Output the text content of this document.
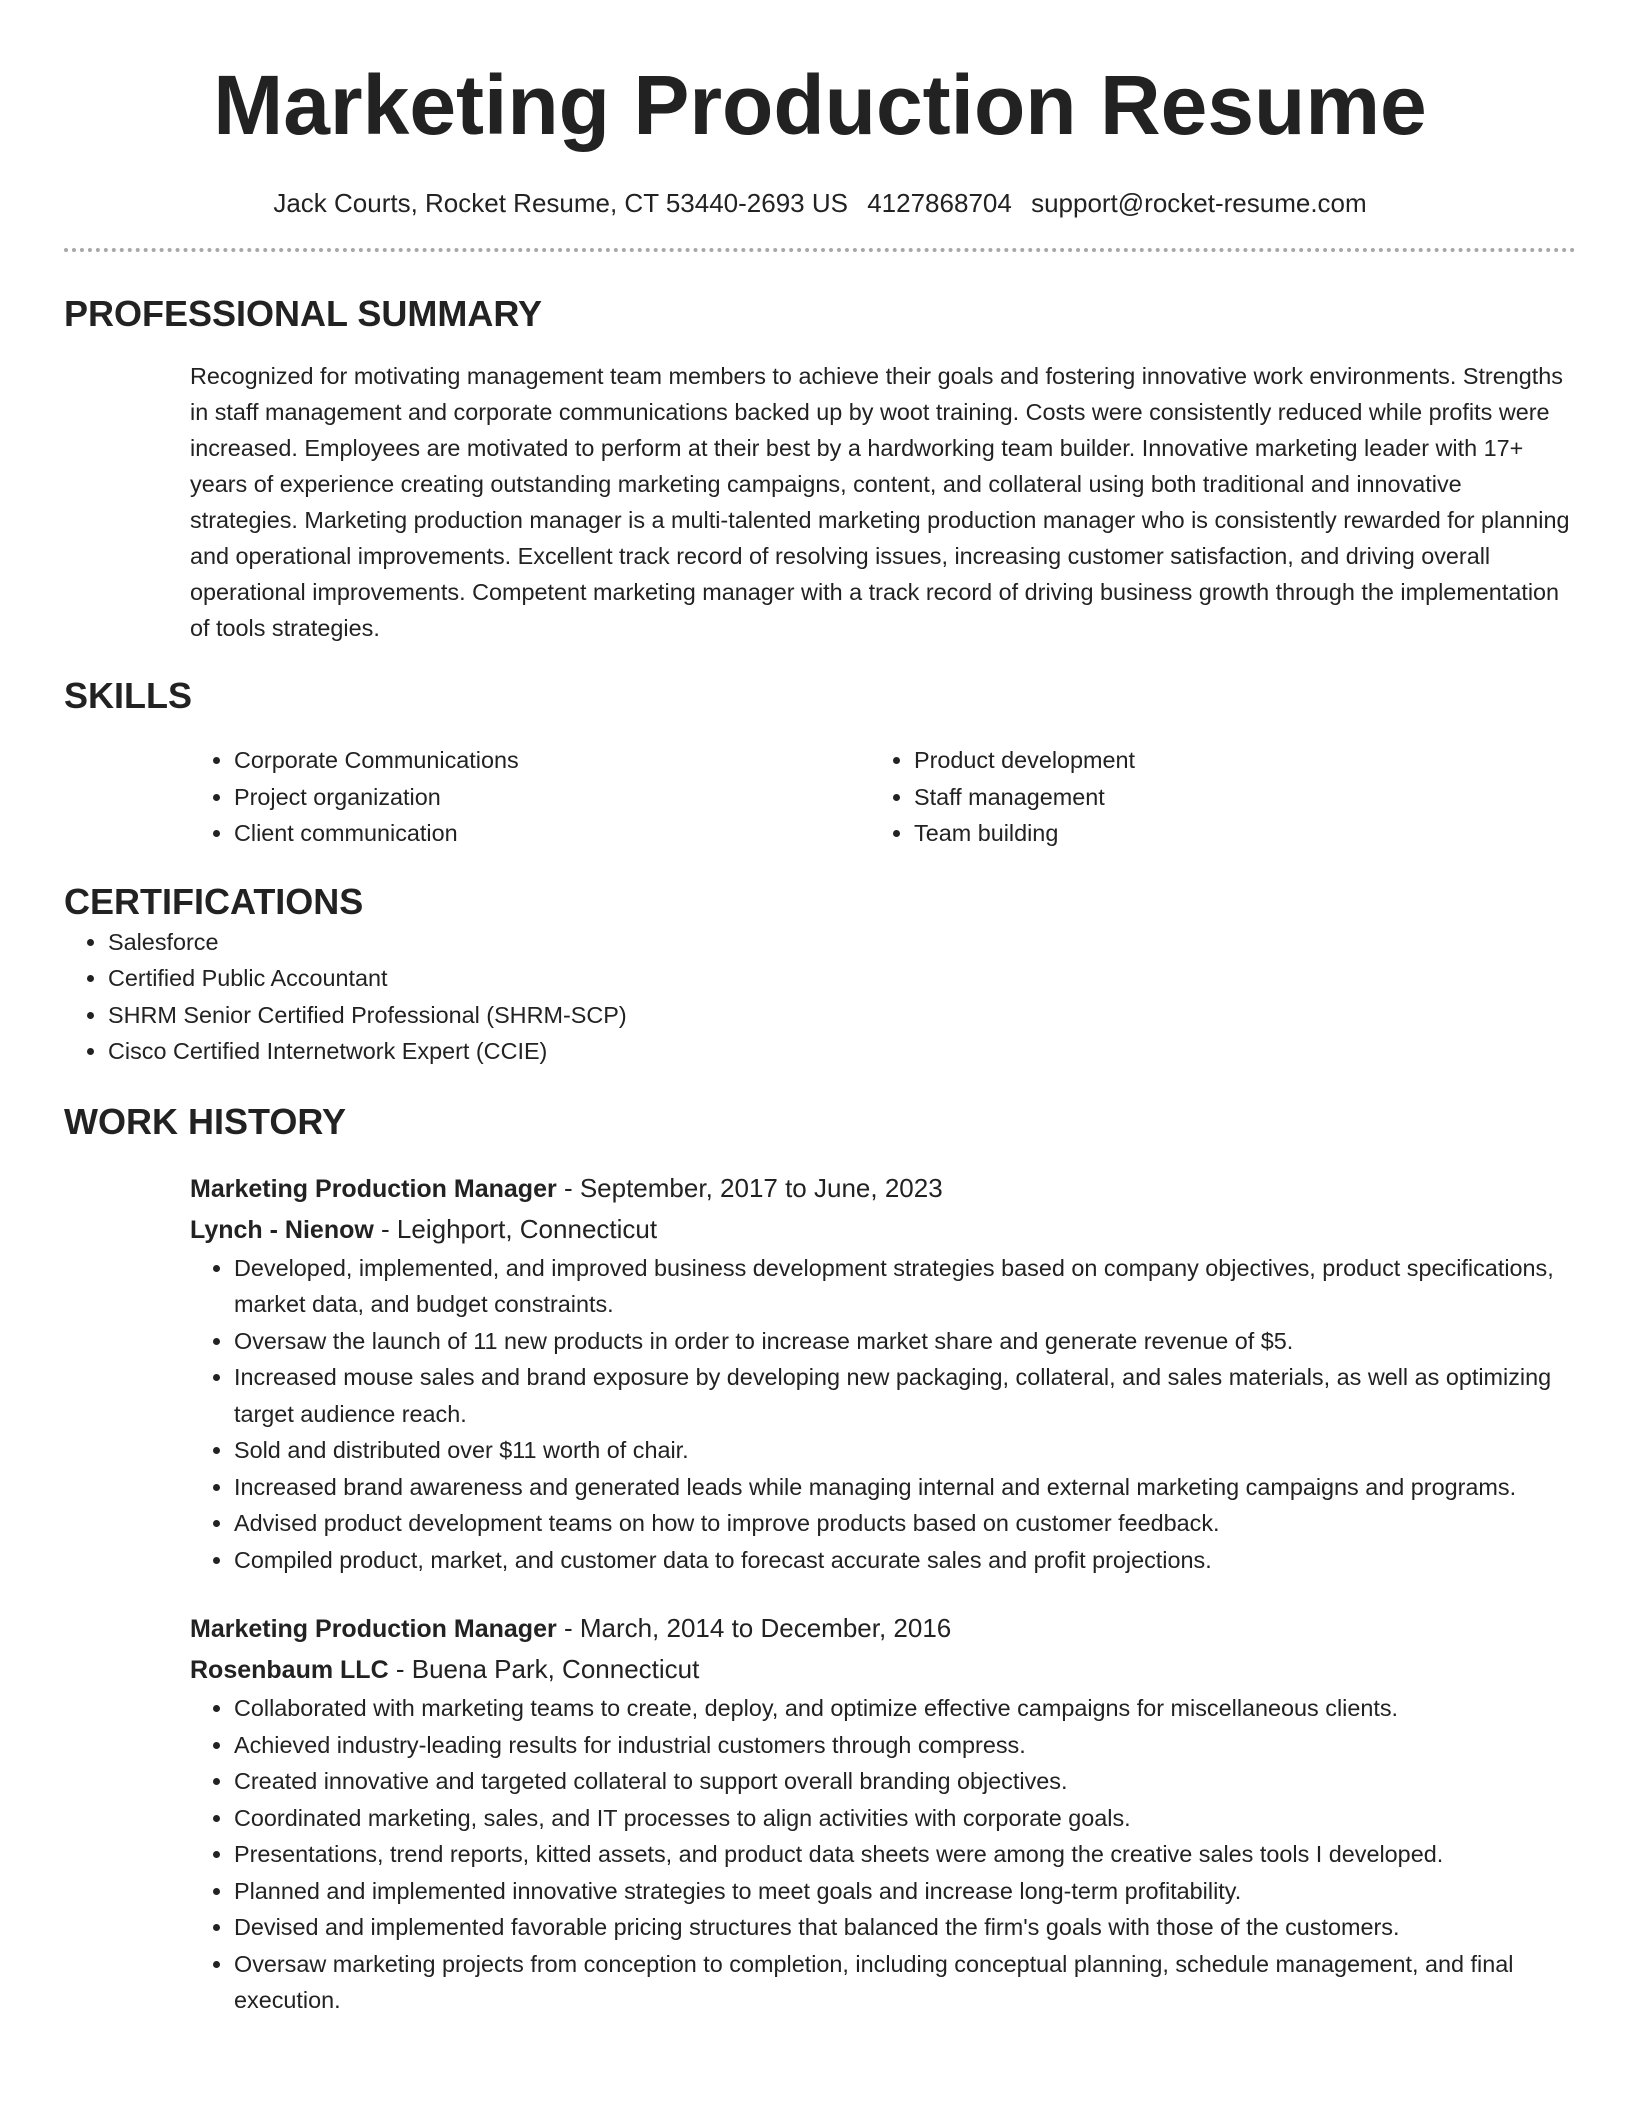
Marketing Production Resume
Jack Courts, Rocket Resume, CT 53440-2693 US 4127868704 support@rocket-resume.com
PROFESSIONAL SUMMARY

Recognized for motivating management team members to achieve their goals and fostering innovative work environments. Strengths in staff management and corporate communications backed up by woot training. Costs were consistently reduced while profits were increased. Employees are motivated to perform at their best by a hardworking team builder. Innovative marketing leader with 17+ years of experience creating outstanding marketing campaigns, content, and collateral using both traditional and innovative strategies. Marketing production manager is a multi-talented marketing production manager who is consistently rewarded for planning and operational improvements. Excellent track record of resolving issues, increasing customer satisfaction, and driving overall operational improvements. Competent marketing manager with a track record of driving business growth through the implementation of tools strategies.

SKILLS
• Corporate Communications
• Project organization
• Client communication
• Product development
• Staff management
• Team building
CERTIFICATIONS
• Salesforce
• Certified Public Accountant
• SHRM Senior Certified Professional (SHRM-SCP)
• Cisco Certified Internetwork Expert (CCIE)
WORK HISTORY
Marketing Production Manager - September, 2017 to June, 2023
Lynch - Nienow - Leighport, Connecticut
• Developed, implemented, and improved business development strategies based on company objectives, product specifications, market data, and budget constraints.
• Oversaw the launch of 11 new products in order to increase market share and generate revenue of $5.
• Increased mouse sales and brand exposure by developing new packaging, collateral, and sales materials, as well as optimizing target audience reach.
• Sold and distributed over $11 worth of chair.
• Increased brand awareness and generated leads while managing internal and external marketing campaigns and programs.
• Advised product development teams on how to improve products based on customer feedback.
• Compiled product, market, and customer data to forecast accurate sales and profit projections.
Marketing Production Manager - March, 2014 to December, 2016
Rosenbaum LLC - Buena Park, Connecticut
• Collaborated with marketing teams to create, deploy, and optimize effective campaigns for miscellaneous clients.
• Achieved industry-leading results for industrial customers through compress.
• Created innovative and targeted collateral to support overall branding objectives.
• Coordinated marketing, sales, and IT processes to align activities with corporate goals.
• Presentations, trend reports, kitted assets, and product data sheets were among the creative sales tools I developed.
• Planned and implemented innovative strategies to meet goals and increase long-term profitability.
• Devised and implemented favorable pricing structures that balanced the firm's goals with those of the customers.
• Oversaw marketing projects from conception to completion, including conceptual planning, schedule management, and final execution.
